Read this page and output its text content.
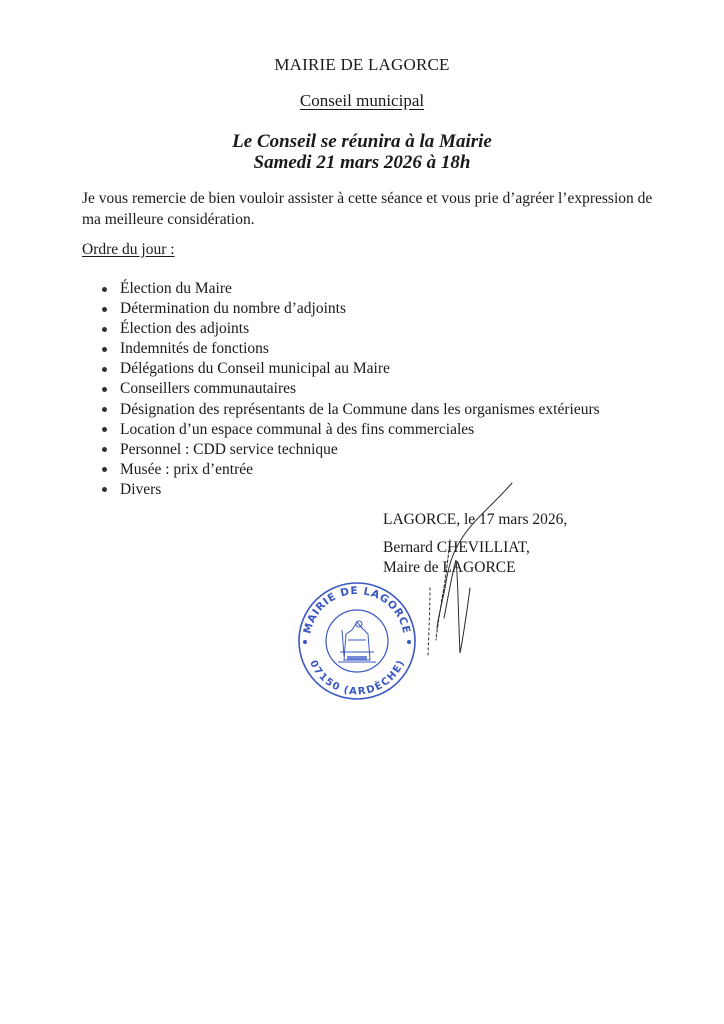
MAIRIE DE LAGORCE
Conseil municipal
Le Conseil se réunira à la Mairie
Samedi 21 mars 2026 à 18h
Je vous remercie de bien vouloir assister à cette séance et vous prie d’agréer l’expression de ma meilleure considération.
Ordre du jour :
Élection du Maire
Détermination du nombre d’adjoints
Élection des adjoints
Indemnités de fonctions
Délégations du Conseil municipal au Maire
Conseillers communautaires
Désignation des représentants de la Commune dans les organismes extérieurs
Location d’un espace communal à des fins commerciales
Personnel : CDD service technique
Musée : prix d’entrée
Divers
LAGORCE, le 17 mars 2026,
Bernard CHEVILLIAT,
Maire de LAGORCE
MAIRIE DE LAGORCE
07150 (ARDÈCHE)
